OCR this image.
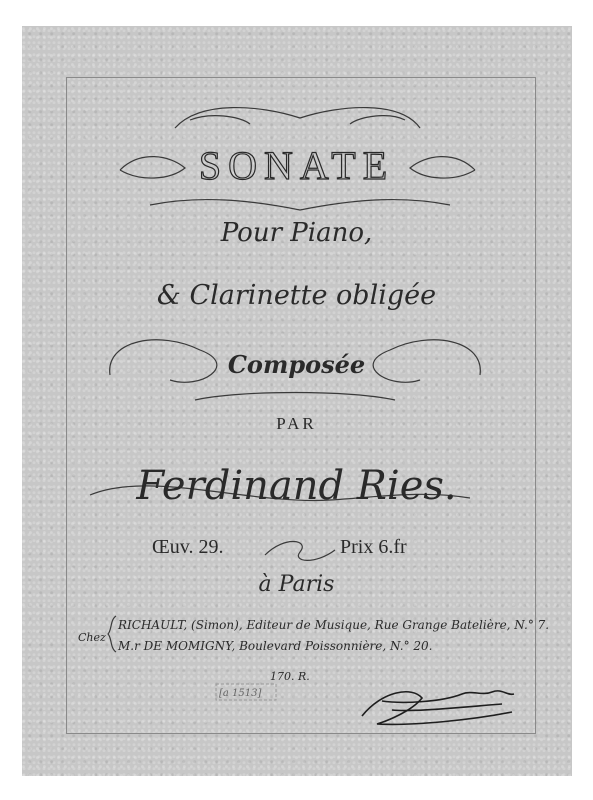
SONATE
Pour Piano,
& Clarinette obligée
Composée
PAR
Ferdinand Ries.
Œuv. 29.	Prix 6.fr
à Paris
Chez
RICHAULT, (Simon), Editeur de Musique, Rue Grange Batelière, N.° 7.
M.r DE MOMIGNY, Boulevard Poissonnière, N.° 20.
170. R.
[a 1513]
